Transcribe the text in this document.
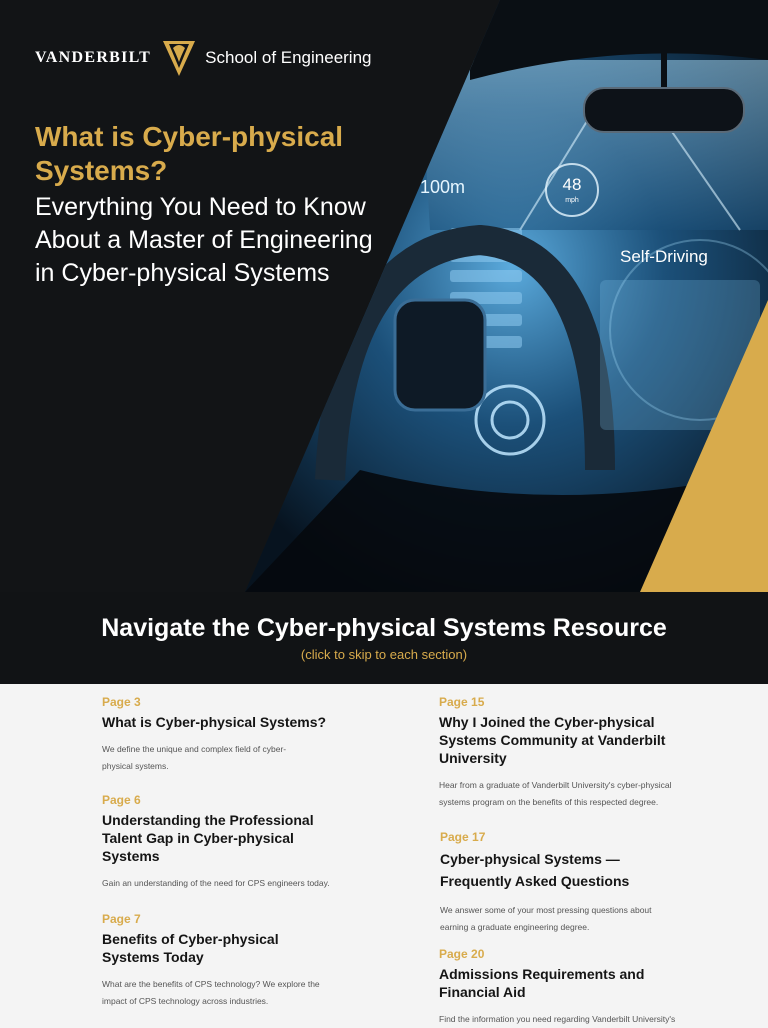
100m	48
mph
Self-Driving
VANDERBILT	School of Engineering
What is Cyber-physical Systems?

Everything You Need to Know About a Master of Engineering in Cyber-physical Systems

Navigate the Cyber-physical Systems Resource

(click to skip to each section)

Page 3
What is Cyber-physical Systems?
We define the unique and complex field of cyber-physical systems.
Page 6
Understanding the Professional Talent Gap in Cyber-physical Systems
Gain an understanding of the need for CPS engineers today.
Page 7
Benefits of Cyber-physical Systems Today
What are the benefits of CPS technology? We explore the impact of CPS technology across industries.
Page 15
Why I Joined the Cyber-physical Systems Community at Vanderbilt University
Hear from a graduate of Vanderbilt University's cyber-physical systems program on the benefits of this respected degree.
Page 17
Cyber-physical Systems — Frequently Asked Questions
We answer some of your most pressing questions about earning a graduate engineering degree.
Page 20
Admissions Requirements and Financial Aid
Find the information you need regarding Vanderbilt University's
